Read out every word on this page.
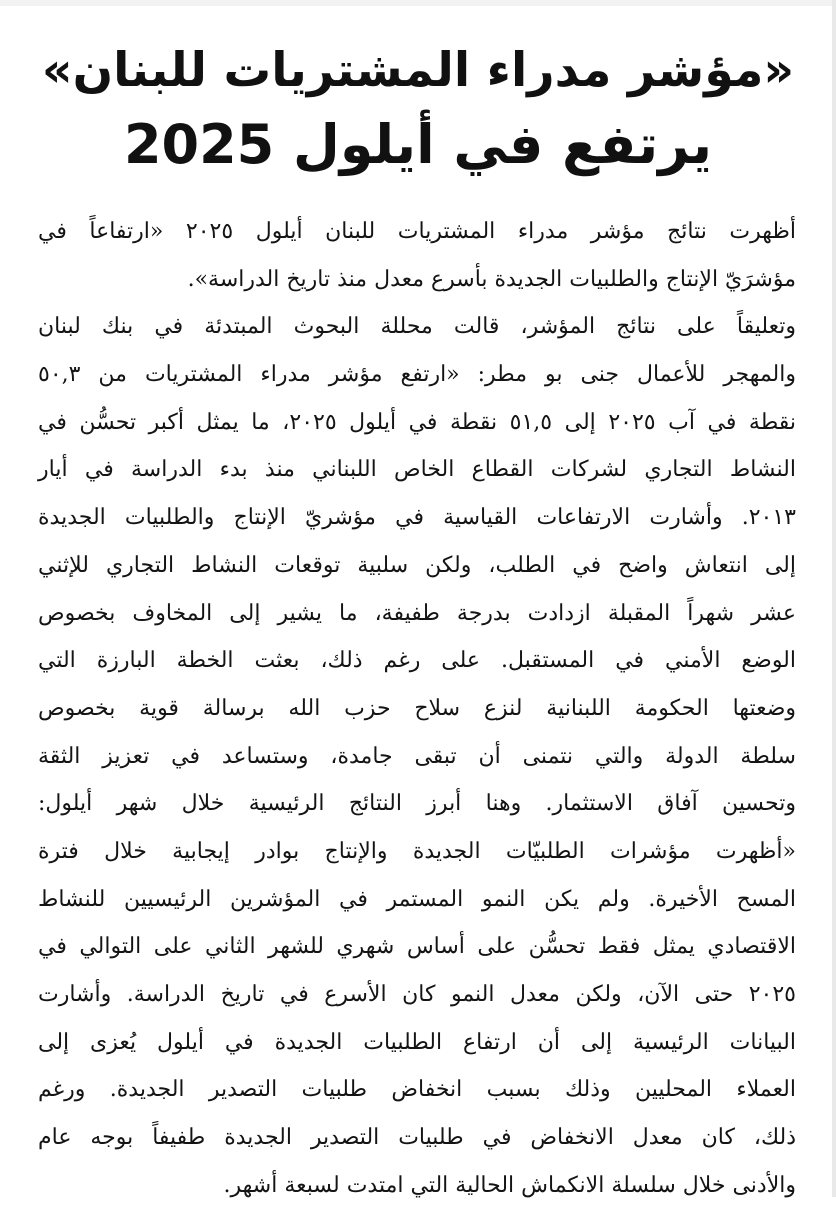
«مؤشر مدراء المشتريات للبنان»
يرتفع في أيلول 2025
أظهرت نتائج مؤشر مدراء المشتريات للبنان أيلول ٢٠٢٥ «ارتفاعاً في
مؤشرَيّ الإنتاج والطلبيات الجديدة بأسرع معدل منذ تاريخ الدراسة».
وتعليقاً على نتائج المؤشر، قالت محللة البحوث المبتدئة في بنك لبنان
والمهجر للأعمال جنى بو مطر: «ارتفع مؤشر مدراء المشتريات من ٥٠,٣
نقطة في آب ٢٠٢٥ إلى ٥١,٥ نقطة في أيلول ٢٠٢٥، ما يمثل أكبر تحسُّن في
النشاط التجاري لشركات القطاع الخاص اللبناني منذ بدء الدراسة في أيار
٢٠١٣. وأشارت الارتفاعات القياسية في مؤشريّ الإنتاج والطلبيات الجديدة
إلى انتعاش واضح في الطلب، ولكن سلبية توقعات النشاط التجاري للإثني
عشر شهراً المقبلة ازدادت بدرجة طفيفة، ما يشير إلى المخاوف بخصوص
الوضع الأمني في المستقبل. على رغم ذلك، بعثت الخطة البارزة التي
وضعتها الحكومة اللبنانية لنزع سلاح حزب الله برسالة قوية بخصوص
سلطة الدولة والتي نتمنى أن تبقى جامدة، وستساعد في تعزيز الثقة
وتحسين آفاق الاستثمار. وهنا أبرز النتائج الرئيسية خلال شهر أيلول:
«أظهرت مؤشرات الطلبيّات الجديدة والإنتاج بوادر إيجابية خلال فترة
المسح الأخيرة. ولم يكن النمو المستمر في المؤشرين الرئيسيين للنشاط
الاقتصادي يمثل فقط تحسُّن على أساس شهري للشهر الثاني على التوالي في
٢٠٢٥ حتى الآن، ولكن معدل النمو كان الأسرع في تاريخ الدراسة. وأشارت
البيانات الرئيسية إلى أن ارتفاع الطلبيات الجديدة في أيلول يُعزى إلى
العملاء المحليين وذلك بسبب انخفاض طلبيات التصدير الجديدة. ورغم
ذلك، كان معدل الانخفاض في طلبيات التصدير الجديدة طفيفاً بوجه عام
والأدنى خلال سلسلة الانكماش الحالية التي امتدت لسبعة أشهر.
